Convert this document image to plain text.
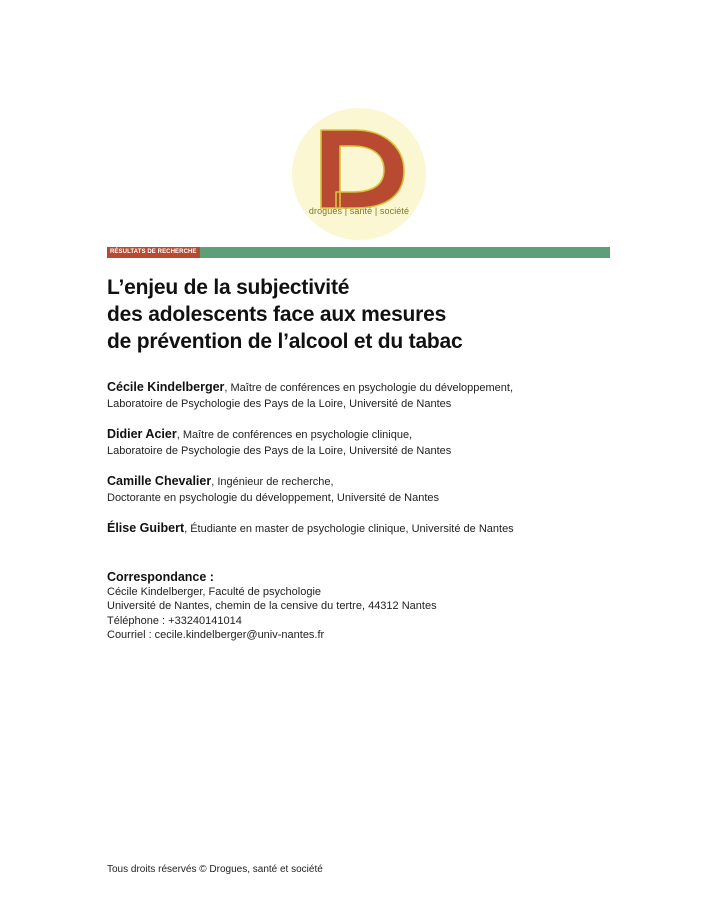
drogues | santé | société
RÉSULTATS DE RECHERCHE
L’enjeu de la subjectivité
des adolescents face aux mesures
de prévention de l’alcool et du tabac

Cécile Kindelberger, Maître de conférences en psychologie du développement,
Laboratoire de Psychologie des Pays de la Loire, Université de Nantes

Didier Acier, Maître de conférences en psychologie clinique,
Laboratoire de Psychologie des Pays de la Loire, Université de Nantes

Camille Chevalier, Ingénieur de recherche,
Doctorante en psychologie du développement, Université de Nantes

Élise Guibert, Étudiante en master de psychologie clinique, Université de Nantes

Correspondance :
Cécile Kindelberger, Faculté de psychologie
Université de Nantes, chemin de la censive du tertre, 44312 Nantes
Téléphone : +33240141014
Courriel : cecile.kindelberger@univ-nantes.fr
Tous droits réservés © Drogues, santé et société
